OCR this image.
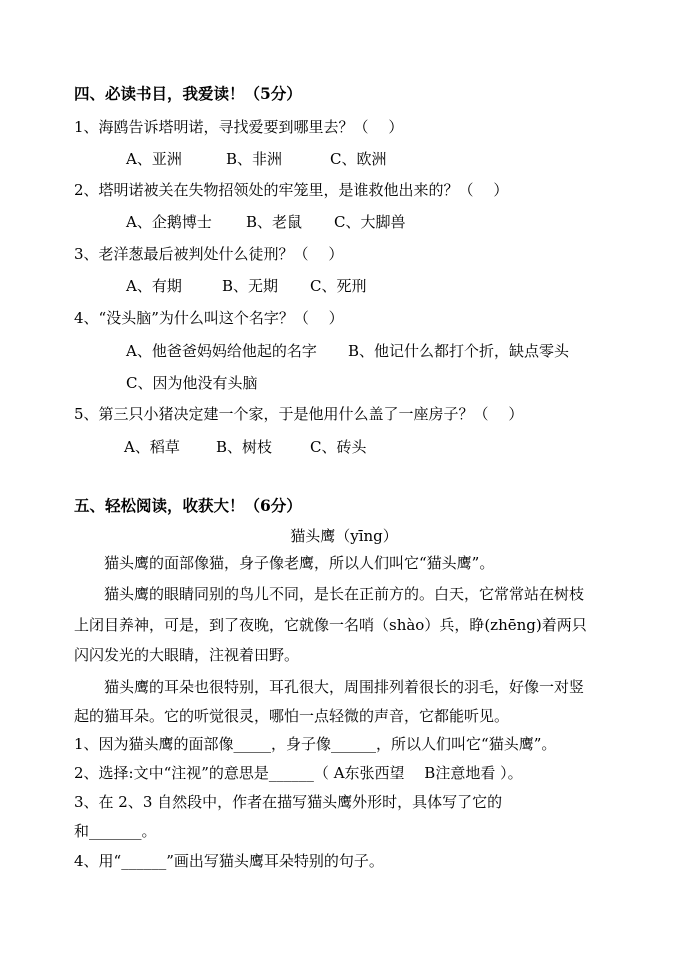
四、必读书目，我爱读！（5分）
1、海鸥告诉塔明诺，寻找爱要到哪里去？（　 ）
A、亚洲	B、非洲	C、欧洲
2、塔明诺被关在失物招领处的牢笼里，是谁救他出来的？（　 ）
A、企鹅博士 B、老鼠 C、大脚兽
3、老洋葱最后被判处什么徒刑？（　 ）
A、有期	B、无期 C、死刑
4、“没头脑”为什么叫这个名字？（　 ）
A、他爸爸妈妈给他起的名字 B、他记什么都打个折，缺点零头
C、因为他没有头脑
5、第三只小猪决定建一个家，于是他用什么盖了一座房子？（　 ）
A、稻草 B、树枝	C、砖头
五、轻松阅读，收获大！（6分）
猫头鹰（yīng）
猫头鹰的面部像猫，身子像老鹰，所以人们叫它“猫头鹰”。
猫头鹰的眼睛同别的鸟儿不同，是长在正前方的。白天，它常常站在树枝
上闭目养神，可是，到了夜晚，它就像一名哨（shào）兵，睁(zhēng)着两只
闪闪发光的大眼睛，注视着田野。
猫头鹰的耳朵也很特别，耳孔很大，周围排列着很长的羽毛，好像一对竖
起的猫耳朵。它的听觉很灵，哪怕一点轻微的声音，它都能听见。
1、因为猫头鹰的面部像_____，身子像______，所以人们叫它“猫头鹰”。
2、选择:文中“注视”的意思是______（ A东张西望　 B注意地看 ）。
3、在 2、3 自然段中，作者在描写猫头鹰外形时，具体写了它的
和_______。
4、用“______”画出写猫头鹰耳朵特别的句子。
